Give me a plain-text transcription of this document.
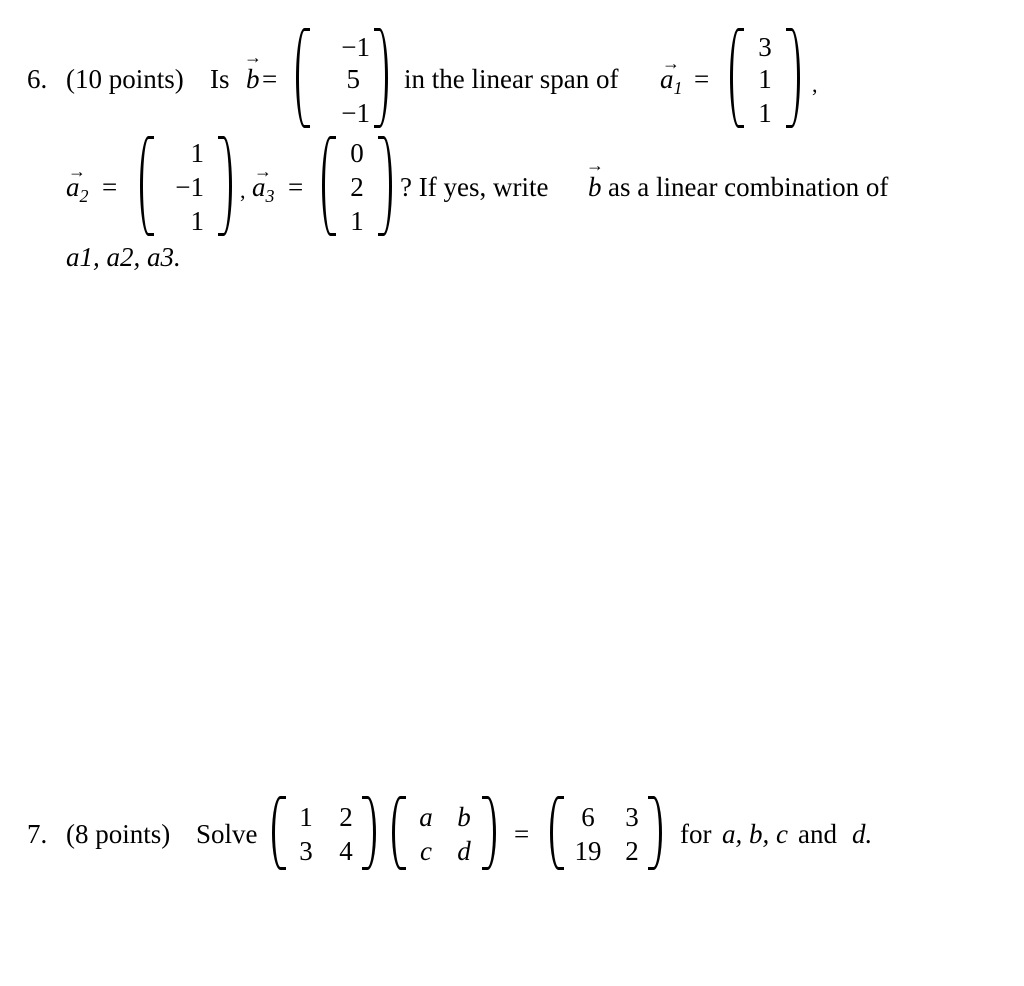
6. (10 points) Is b
→
=
−1
5
−1
in the linear span of $a_1$
→
=
3
1
1
,
$a_2$
→
=
1
−1
1
, $a_3$
→
=
0
2
1
? If yes, write b
→
as a linear combination of
a1, a2, a3.
7. (8 points) Solve
1 2
3 4
a b
c d
=
6	3
19 2
for a, b, c and d.
